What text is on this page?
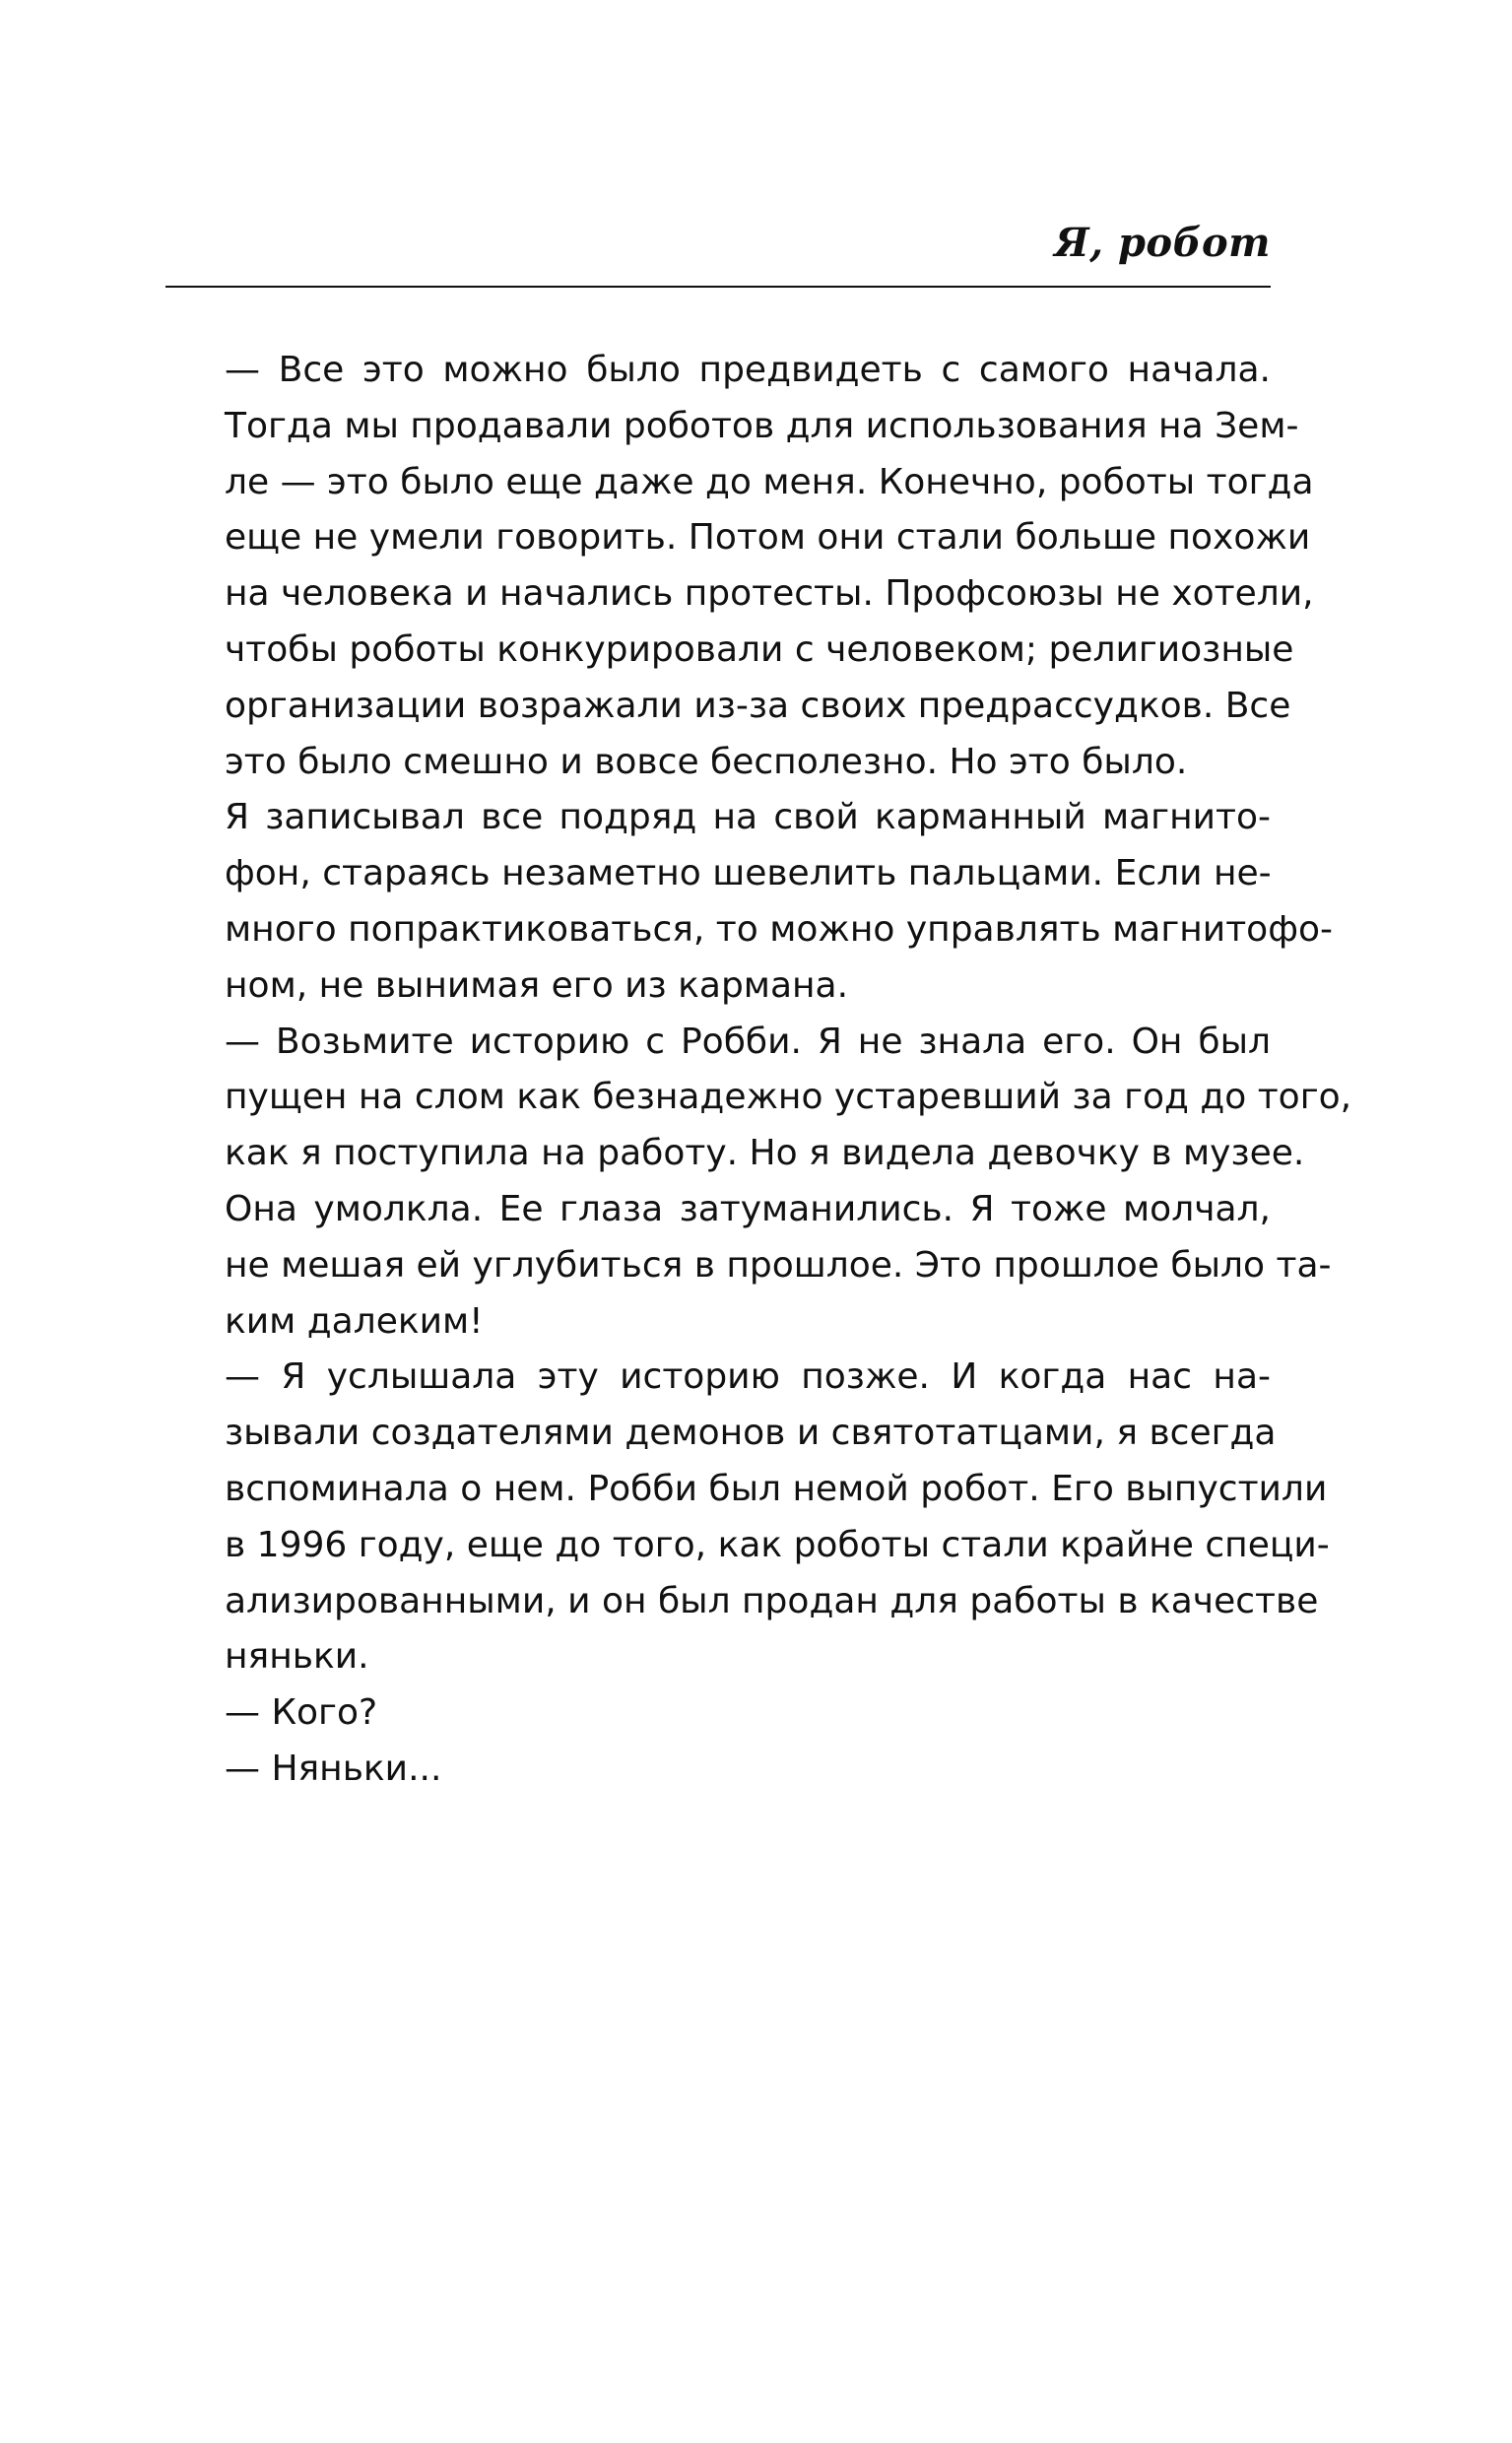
Я, робот

— Все это можно было предвидеть с самого начала.
Тогда мы продавали роботов для использования на Зем-
ле — это было еще даже до меня. Конечно, роботы тогда
еще не умели говорить. Потом они стали больше похожи
на человека и начались протесты. Профсоюзы не хотели,
чтобы роботы конкурировали с человеком; религиозные
организации возражали из-за своих предрассудков. Все
это было смешно и вовсе бесполезно. Но это было.

Я записывал все подряд на свой карманный магнито-
фон, стараясь незаметно шевелить пальцами. Если не-
много попрактиковаться, то можно управлять магнитофо-
ном, не вынимая его из кармана.

— Возьмите историю с Робби. Я не знала его. Он был
пущен на слом как безнадежно устаревший за год до того,
как я поступила на работу. Но я видела девочку в музее.

Она умолкла. Ее глаза затуманились. Я тоже молчал,
не мешая ей углубиться в прошлое. Это прошлое было та-
ким далеким!

— Я услышала эту историю позже. И когда нас на-
зывали создателями демонов и святотатцами, я всегда
вспоминала о нем. Робби был немой робот. Его выпустили
в 1996 году, еще до того, как роботы стали крайне специ-
ализированными, и он был продан для работы в качестве
няньки.

— Кого?

— Няньки...
